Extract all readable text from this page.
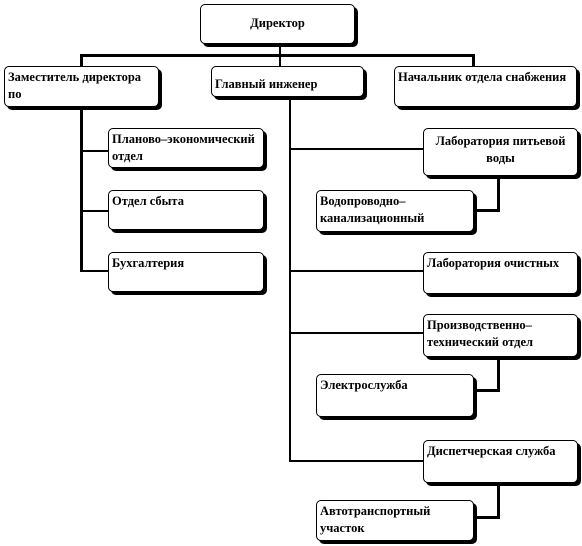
Директор
Заместитель директора по
Главный инженер	Начальник отдела снабжения
Планово–экономический отдел
Отдел сбыта
Бухгалтерия
Лаборатория питьевой воды
Водопроводно–канализационный
Лаборатория очистных
Производственно–технический отдел
Электрослужба
Диспетчерская служба
Автотранспортный участок
